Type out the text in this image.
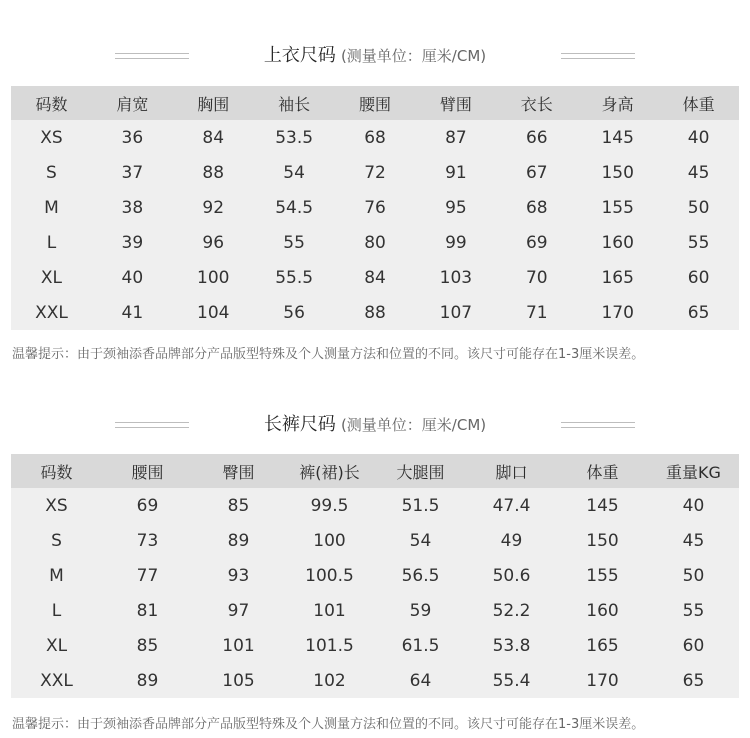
上衣尺码 (测量单位：厘米/CM)
码数	肩宽	胸围	袖长	腰围	臂围	衣长	身高	体重
XS	36	84	53.5	68	87	66	145	40
S	37	88	54	72	91	67	150	45
M	38	92	54.5	76	95	68	155	50
L	39	96	55	80	99	69	160	55
XL	40	100	55.5	84	103	70	165	60
XXL	41	104	56	88	107	71	170	65
温馨提示：由于颈袖添香品牌部分产品版型特殊及个人测量方法和位置的不同。该尺寸可能存在1-3厘米误差。
长裤尺码 (测量单位：厘米/CM)
码数	腰围	臀围	裤(裙)长	大腿围	脚口	体重	重量KG
XS	69	85	99.5	51.5	47.4	145	40
S	73	89	100	54	49	150	45
M	77	93	100.5	56.5	50.6	155	50
L	81	97	101	59	52.2	160	55
XL	85	101	101.5	61.5	53.8	165	60
XXL	89	105	102	64	55.4	170	65
温馨提示：由于颈袖添香品牌部分产品版型特殊及个人测量方法和位置的不同。该尺寸可能存在1-3厘米误差。
